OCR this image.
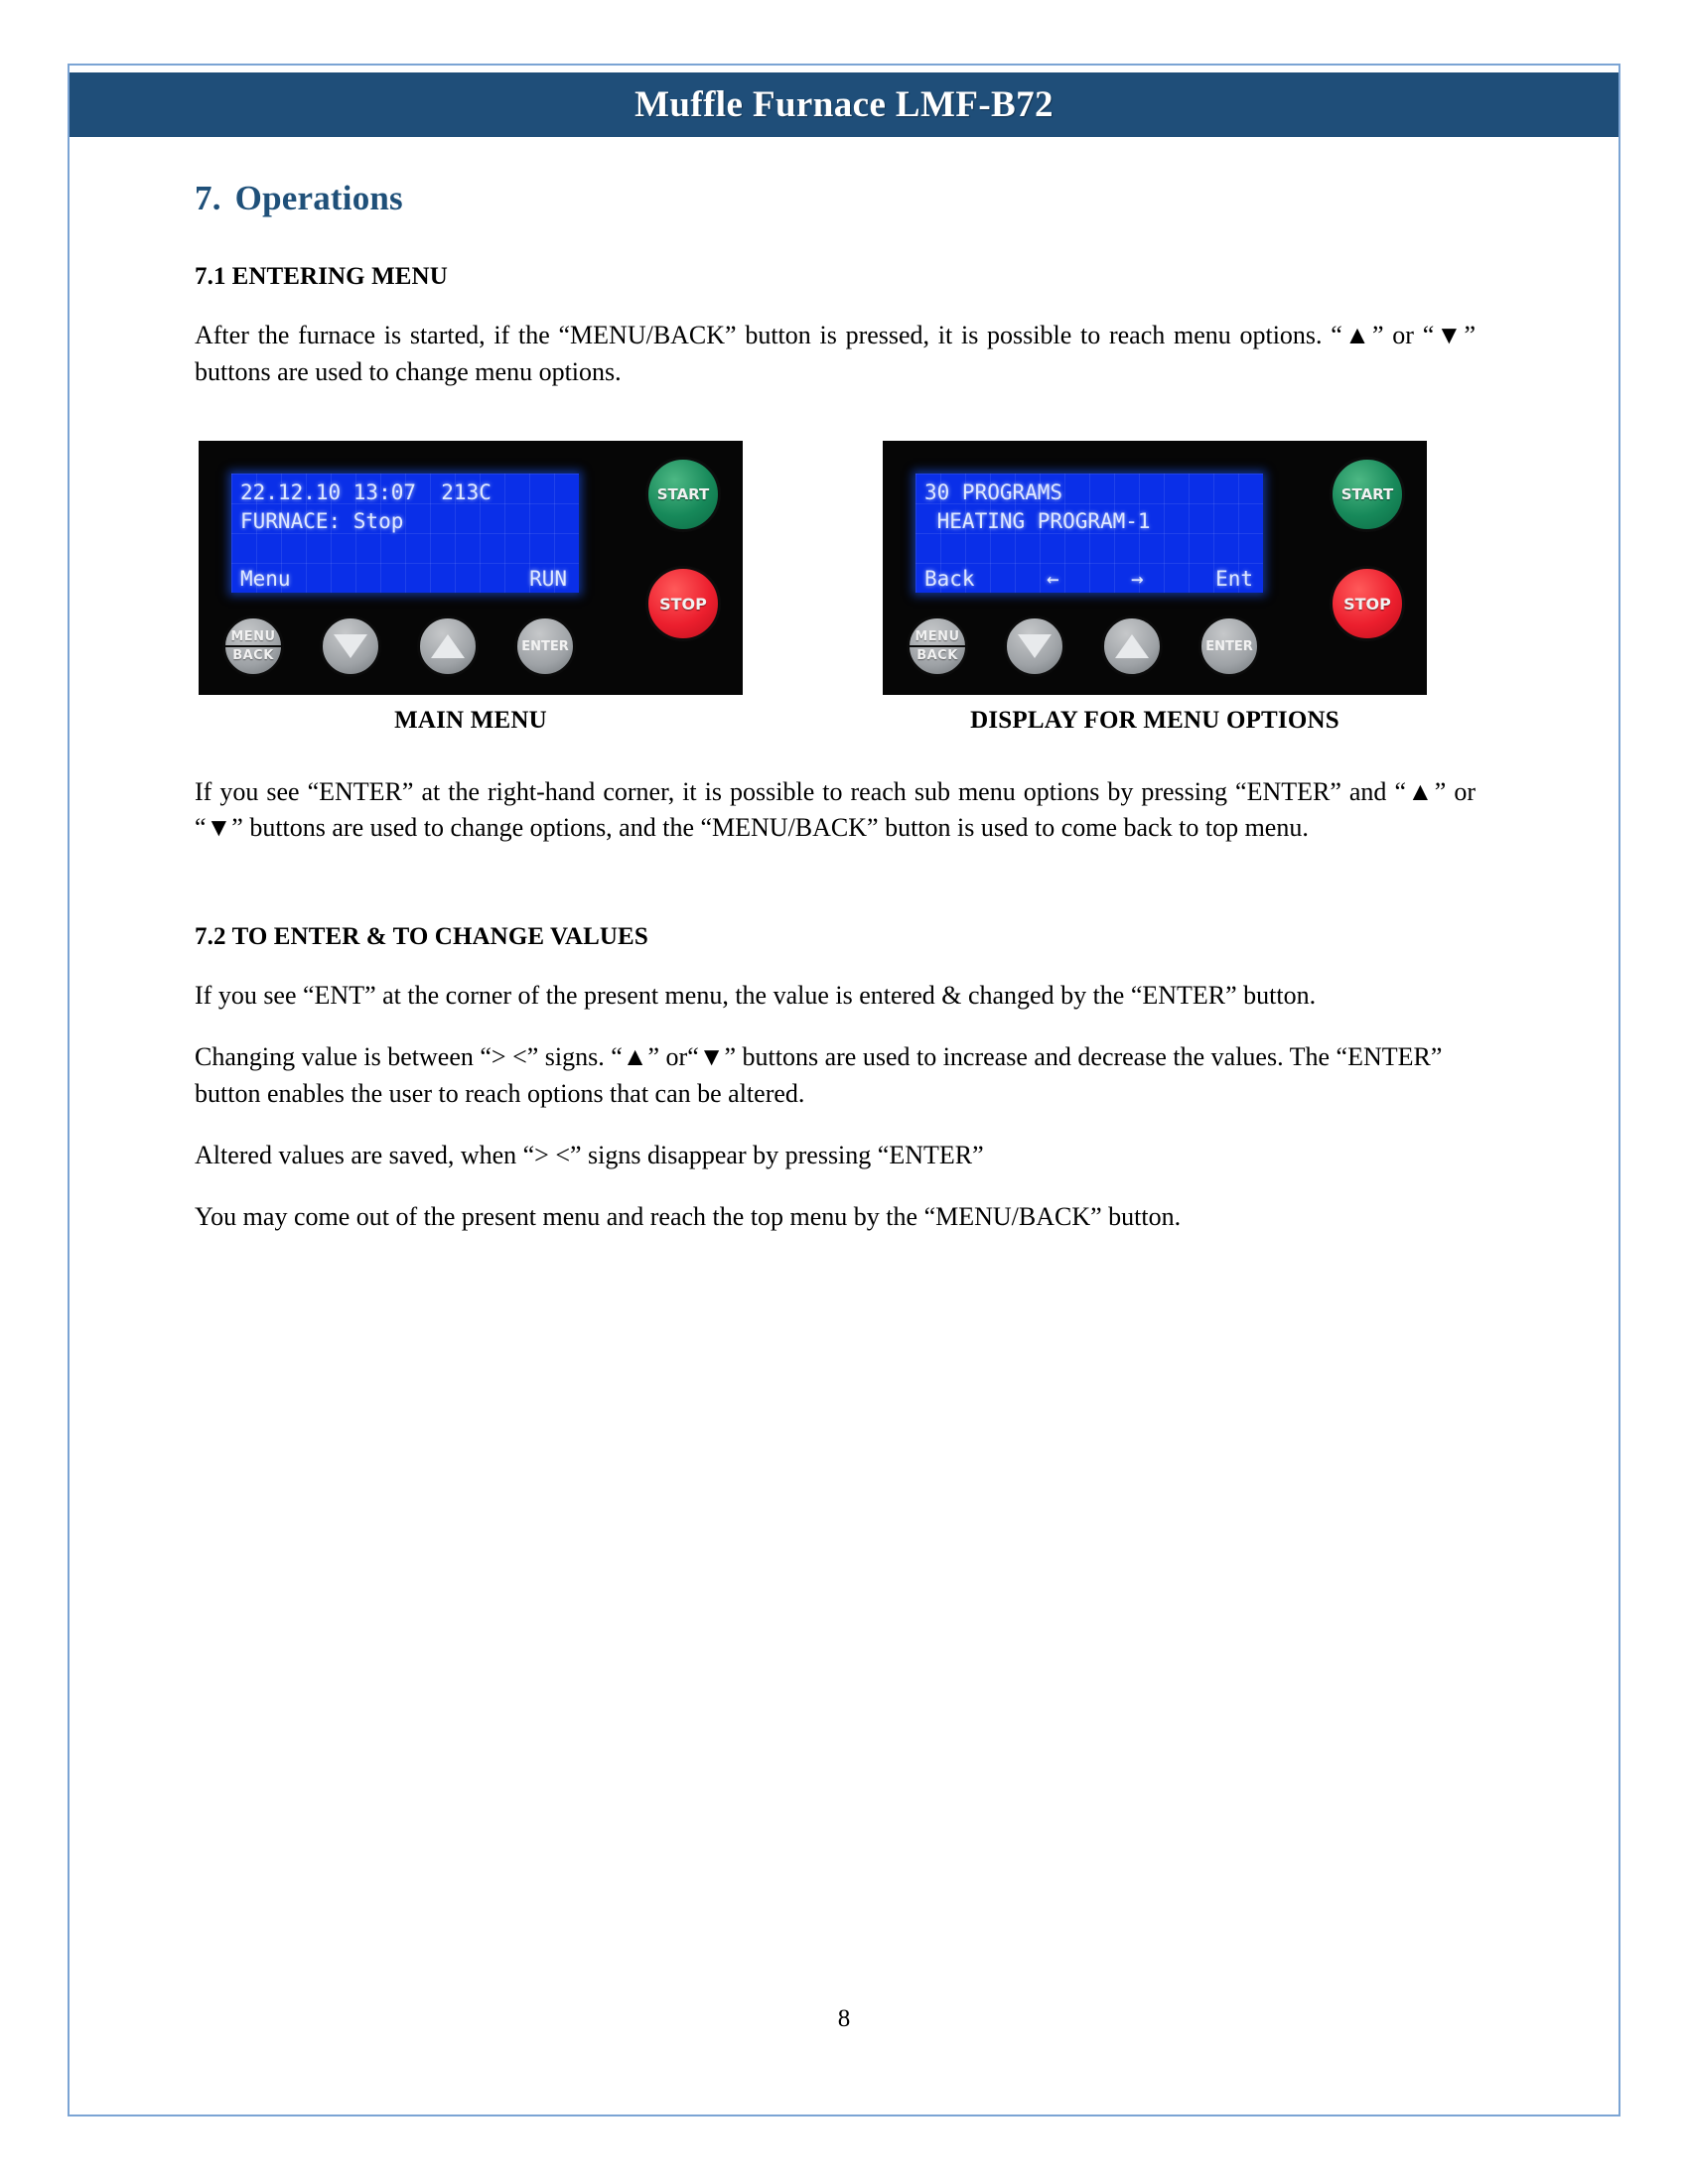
Muffle Furnace LMF-B72
7. Operations
7.1 ENTERING MENU

After the furnace is started, if the “MENU/BACK” button is pressed, it is possible to reach menu options. “▲” or “▼” buttons are used to change menu options.

22.12.10 13:07  213C
FURNACE: Stop

Menu	RUN
START
STOP
MENU
BACK
ENTER
30 PROGRAMS
HEATING PROGRAM-1

Back	←	→	Ent
START
STOP
MENU
BACK
ENTER
MAIN MENU	DISPLAY FOR MENU OPTIONS

If you see “ENTER” at the right-hand corner, it is possible to reach sub menu options by pressing “ENTER” and “▲” or “▼” buttons are used to change options, and the “MENU/BACK” button is used to come back to top menu.

7.2 TO ENTER & TO CHANGE VALUES

If you see “ENT” at the corner of the present menu, the value is entered & changed by the “ENTER” button.

Changing value is between “> <” signs. “▲” or“▼” buttons are used to increase and decrease the values. The “ENTER” button enables the user to reach options that can be altered.

Altered values are saved, when “> <” signs disappear by pressing “ENTER”

You may come out of the present menu and reach the top menu by the “MENU/BACK” button.

8
